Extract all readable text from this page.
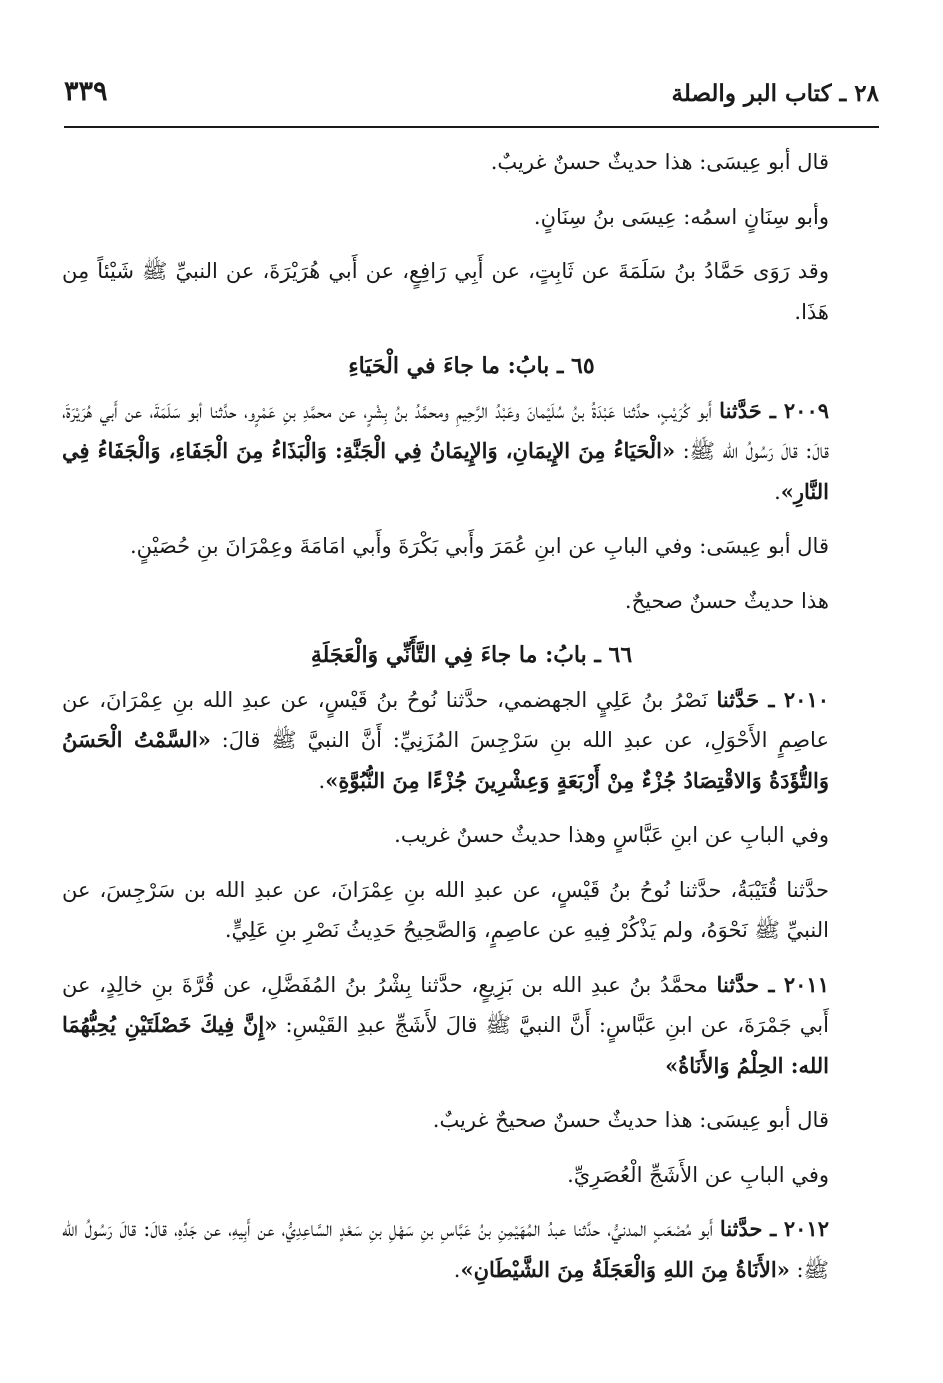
٢٨ ـ كتاب البر والصلة
٣٣٩

قال أبو عِيسَى: هذا حديثٌ حسنٌ غريبٌ.

وأبو سِنَانٍ اسمُه: عِيسَى بنُ سِنَانٍ.

وقد رَوَى حَمَّادُ بنُ سَلَمَةَ عن ثَابِتٍ، عن أَبِي رَافِعٍ، عن أَبي هُرَيْرَةَ، عن النبيِّ ﷺ شَيْئاً مِن هَذَا.

٦٥ ـ بابُ: ما جاءَ في الْحَيَاءِ

٢٠٠٩ ـ حَدَّثنا أَبو كُرَيْبٍ، حدَّثنا عَبْدَةُ بنُ سُلَيْمانَ وعَبْدُ الرَّحِيمِ ومحمَّدُ بنُ بِشْرٍ، عن محمَّدِ بنِ عَمْرٍو، حدَّثنا أبو سَلَمَةَ، عن أَبي هُرَيْرَةَ، قالَ: قالَ رَسُولُ الله ﷺ: «الْحَيَاءُ مِنَ الإِيمَانِ، وَالإِيمَانُ فِي الْجَنَّةِ: وَالْبَذَاءُ مِنَ الْجَفَاءِ، وَالْجَفَاءُ فِي النَّارِ».

قال أبو عِيسَى: وفي البابِ عن ابنِ عُمَرَ وأَبي بَكْرَةَ وأَبي امَامَةَ وعِمْرَانَ بنِ حُصَيْنٍ.

هذا حديثٌ حسنٌ صحيحٌ.

٦٦ ـ بابُ: ما جاءَ فِي التَّأَنِّي وَالْعَجَلَةِ

٢٠١٠ ـ حَدَّثنا نَصْرُ بنُ عَلِيٍ الجهضمي، حدَّثنا نُوحُ بنُ قَيْسٍ، عن عبدِ الله بنِ عِمْرَانَ، عن عاصِمٍ الأَحْوَلِ، عن عبدِ الله بنِ سَرْجِسَ المُزَنِيِّ: أَنَّ النبيَّ ﷺ قالَ: «السَّمْتُ الْحَسَنُ وَالتُّؤَدَةُ وَالاقْتِصَادُ جُزْءٌ مِنْ أَرْبَعَةٍ وَعِشْرِينَ جُزْءًا مِنَ النُّبُوَّةِ».

وفي البابِ عن ابنِ عَبَّاسٍ وهذا حديثٌ حسنٌ غريب.

حدَّثنا قُتَيْبَةُ، حدَّثنا نُوحُ بنُ قَيْسٍ، عن عبدِ الله بنِ عِمْرَانَ، عن عبدِ الله بن سَرْجِسَ، عن النبيِّ ﷺ نَحْوَهُ، ولم يَذْكُرْ فِيهِ عن عاصِمٍ، وَالصَّحِيحُ حَدِيثُ نَصْرِ بنِ عَلِيٍّ.

٢٠١١ ـ حدَّثنا محمَّدُ بنُ عبدِ الله بن بَزِيعٍ، حدَّثنا بِشْرُ بنُ المُفَضَّلِ، عن قُرَّةَ بنِ خالِدٍ، عن أَبي جَمْرَةَ، عن ابنِ عَبَّاسٍ: أَنَّ النبيَّ ﷺ قالَ لأَشَجِّ عبدِ القَيْسِ: «إِنَّ فِيكَ خَصْلَتَيْنِ يُحِبُّهُمَا الله: الحِلْمُ وَالأَنَاةُ»

قال أبو عِيسَى: هذا حديثٌ حسنٌ صحيحٌ غريبٌ.

وفي البابِ عن الأَشَجِّ الْعُصَرِيِّ.

٢٠١٢ ـ حدَّثنا أَبو مُصْعَبٍ المدنيُّ، حدَّثنا عبدُ المُهَيْمِنِ بنُ عَبَّاسِ بنِ سَهْلِ بنِ سَعْدٍ السَّاعِدِيُّ، عن أَبِيهِ، عن جَدِّهِ، قالَ: قالَ رَسُولُ الله ﷺ: «الأَنَاةُ مِنَ اللهِ وَالْعَجَلَةُ مِنَ الشَّيْطَانِ».
